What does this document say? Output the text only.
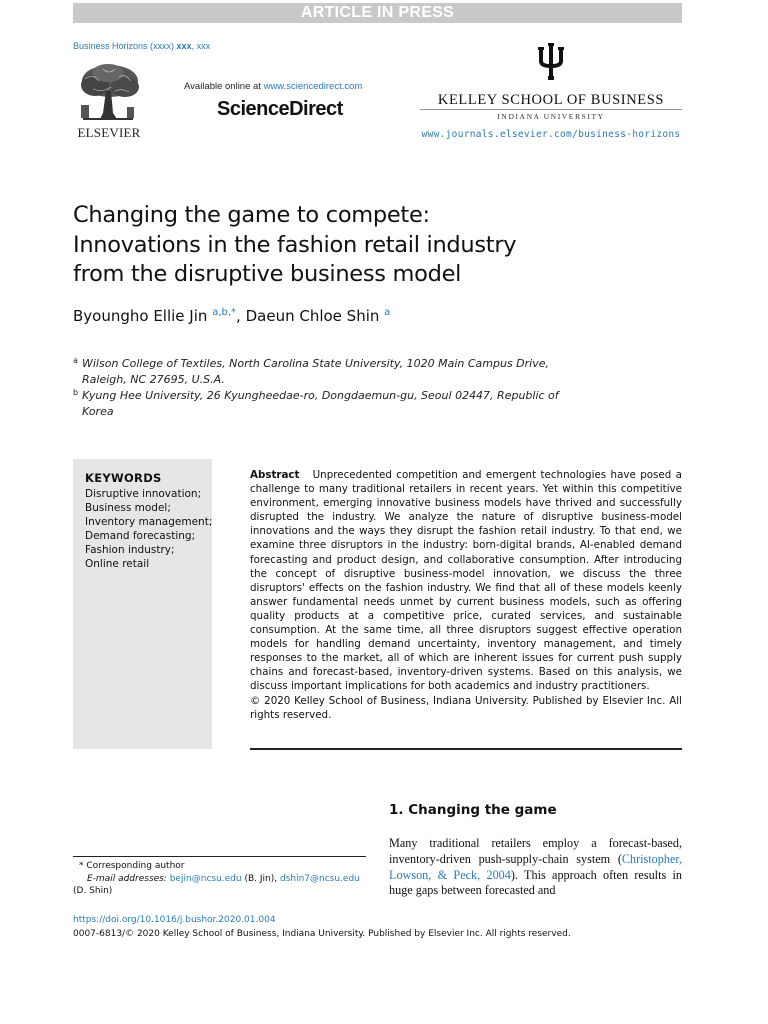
ARTICLE IN PRESS
Business Horizons (xxxx) xxx, xxx
ELSEVIER
Available online at www.sciencedirect.com
ScienceDirect	KELLEY SCHOOL OF BUSINESS
INDIANA UNIVERSITY
www.journals.elsevier.com/business-horizons
Changing the game to compete:
Innovations in the fashion retail industry
from the disruptive business model
Byoungho Ellie Jin $^{a,b,*}$, Daeun Chloe Shin $^a$
a Wilson College of Textiles, North Carolina State University, 1020 Main Campus Drive, Raleigh, NC 27695, U.S.A.
b Kyung Hee University, 26 Kyungheedae-ro, Dongdaemun-gu, Seoul 02447, Republic of Korea
KEYWORDS
Disruptive innovation;
Business model;
Inventory management;
Demand forecasting;
Fashion industry;
Online retail
Abstract Unprecedented competition and emergent technologies have posed a challenge to many traditional retailers in recent years. Yet within this competitive environment, emerging innovative business models have thrived and successfully disrupted the industry. We analyze the nature of disruptive business-model innovations and the ways they disrupt the fashion retail industry. To that end, we examine three disruptors in the industry: born-digital brands, AI-enabled demand forecasting and product design, and collaborative consumption. After introducing the concept of disruptive business-model innovation, we discuss the three disruptors' effects on the fashion industry. We find that all of these models keenly answer fundamental needs unmet by current business models, such as offering quality products at a competitive price, curated services, and sustainable consumption. At the same time, all three disruptors suggest effective operation models for handling demand uncertainty, inventory management, and timely responses to the market, all of which are inherent issues for current push supply chains and forecast-based, inventory-driven systems. Based on this analysis, we discuss important implications for both academics and industry practitioners.
© 2020 Kelley School of Business, Indiana University. Published by Elsevier Inc. All rights reserved.
1. Changing the game
Many traditional retailers employ a forecast-based, inventory-driven push-supply-chain system (Christopher, Lowson, & Peck, 2004). This approach often results in huge gaps between forecasted and
* Corresponding author
E-mail addresses: bejin@ncsu.edu (B. Jin), dshin7@ncsu.edu
(D. Shin)
https://doi.org/10.1016/j.bushor.2020.01.004
0007-6813/© 2020 Kelley School of Business, Indiana University. Published by Elsevier Inc. All rights reserved.
